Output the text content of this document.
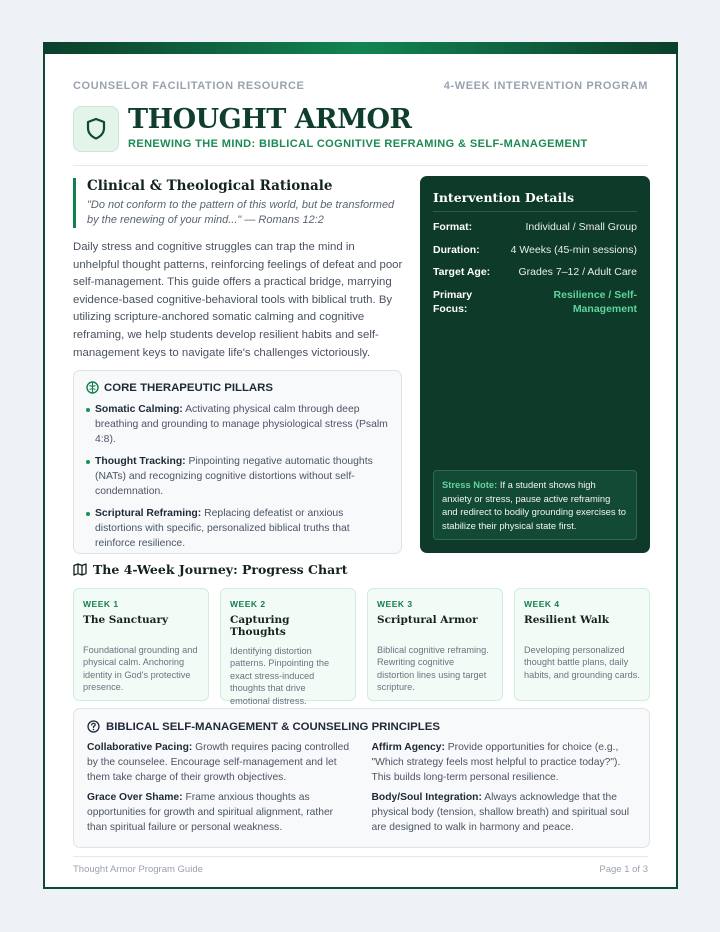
COUNSELOR FACILITATION RESOURCE	4-WEEK INTERVENTION PROGRAM
THOUGHT ARMOR
RENEWING THE MIND: BIBLICAL COGNITIVE REFRAMING & SELF-MANAGEMENT
Clinical & Theological Rationale

"Do not conform to the pattern of this world, but be transformed by the renewing of your mind..." — Romans 12:2

Daily stress and cognitive struggles can trap the mind in unhelpful thought patterns, reinforcing feelings of defeat and poor self-management. This guide offers a practical bridge, marrying evidence-based cognitive-behavioral tools with biblical truth. By utilizing scripture-anchored somatic calming and cognitive reframing, we help students develop resilient habits and self-management keys to navigate life's challenges victoriously.

CORE THERAPEUTIC PILLARS
Somatic Calming: Activating physical calm through deep breathing and grounding to manage physiological stress (Psalm 4:8).
Thought Tracking: Pinpointing negative automatic thoughts (NATs) and recognizing cognitive distortions without self-condemnation.
Scriptural Reframing: Replacing defeatist or anxious distortions with specific, personalized biblical truths that reinforce resilience.
Intervention Details
Format:	Individual / Small Group
Duration:	4 Weeks (45-min sessions)
Target Age:	Grades 7–12 / Adult Care
Primary Focus:
Resilience / Self-Management
Stress Note: If a student shows high anxiety or stress, pause active reframing and redirect to bodily grounding exercises to stabilize their physical state first.
The 4-Week Journey: Progress Chart
WEEK 1
The Sanctuary
Foundational grounding and physical calm. Anchoring identity in God's protective presence.
WEEK 2
Capturing Thoughts
Identifying distortion patterns. Pinpointing the exact stress-induced thoughts that drive emotional distress.
WEEK 3
Scriptural Armor
Biblical cognitive reframing. Rewriting cognitive distortion lines using target scripture.
WEEK 4
Resilient Walk
Developing personalized thought battle plans, daily habits, and grounding cards.
BIBLICAL SELF-MANAGEMENT & COUNSELING PRINCIPLES
Collaborative Pacing: Growth requires pacing controlled by the counselee. Encourage self-management and let them take charge of their growth objectives.
Affirm Agency: Provide opportunities for choice (e.g., "Which strategy feels most helpful to practice today?"). This builds long-term personal resilience.
Grace Over Shame: Frame anxious thoughts as opportunities for growth and spiritual alignment, rather than spiritual failure or personal weakness.
Body/Soul Integration: Always acknowledge that the physical body (tension, shallow breath) and spiritual soul are designed to walk in harmony and peace.
Thought Armor Program Guide	Page 1 of 3
